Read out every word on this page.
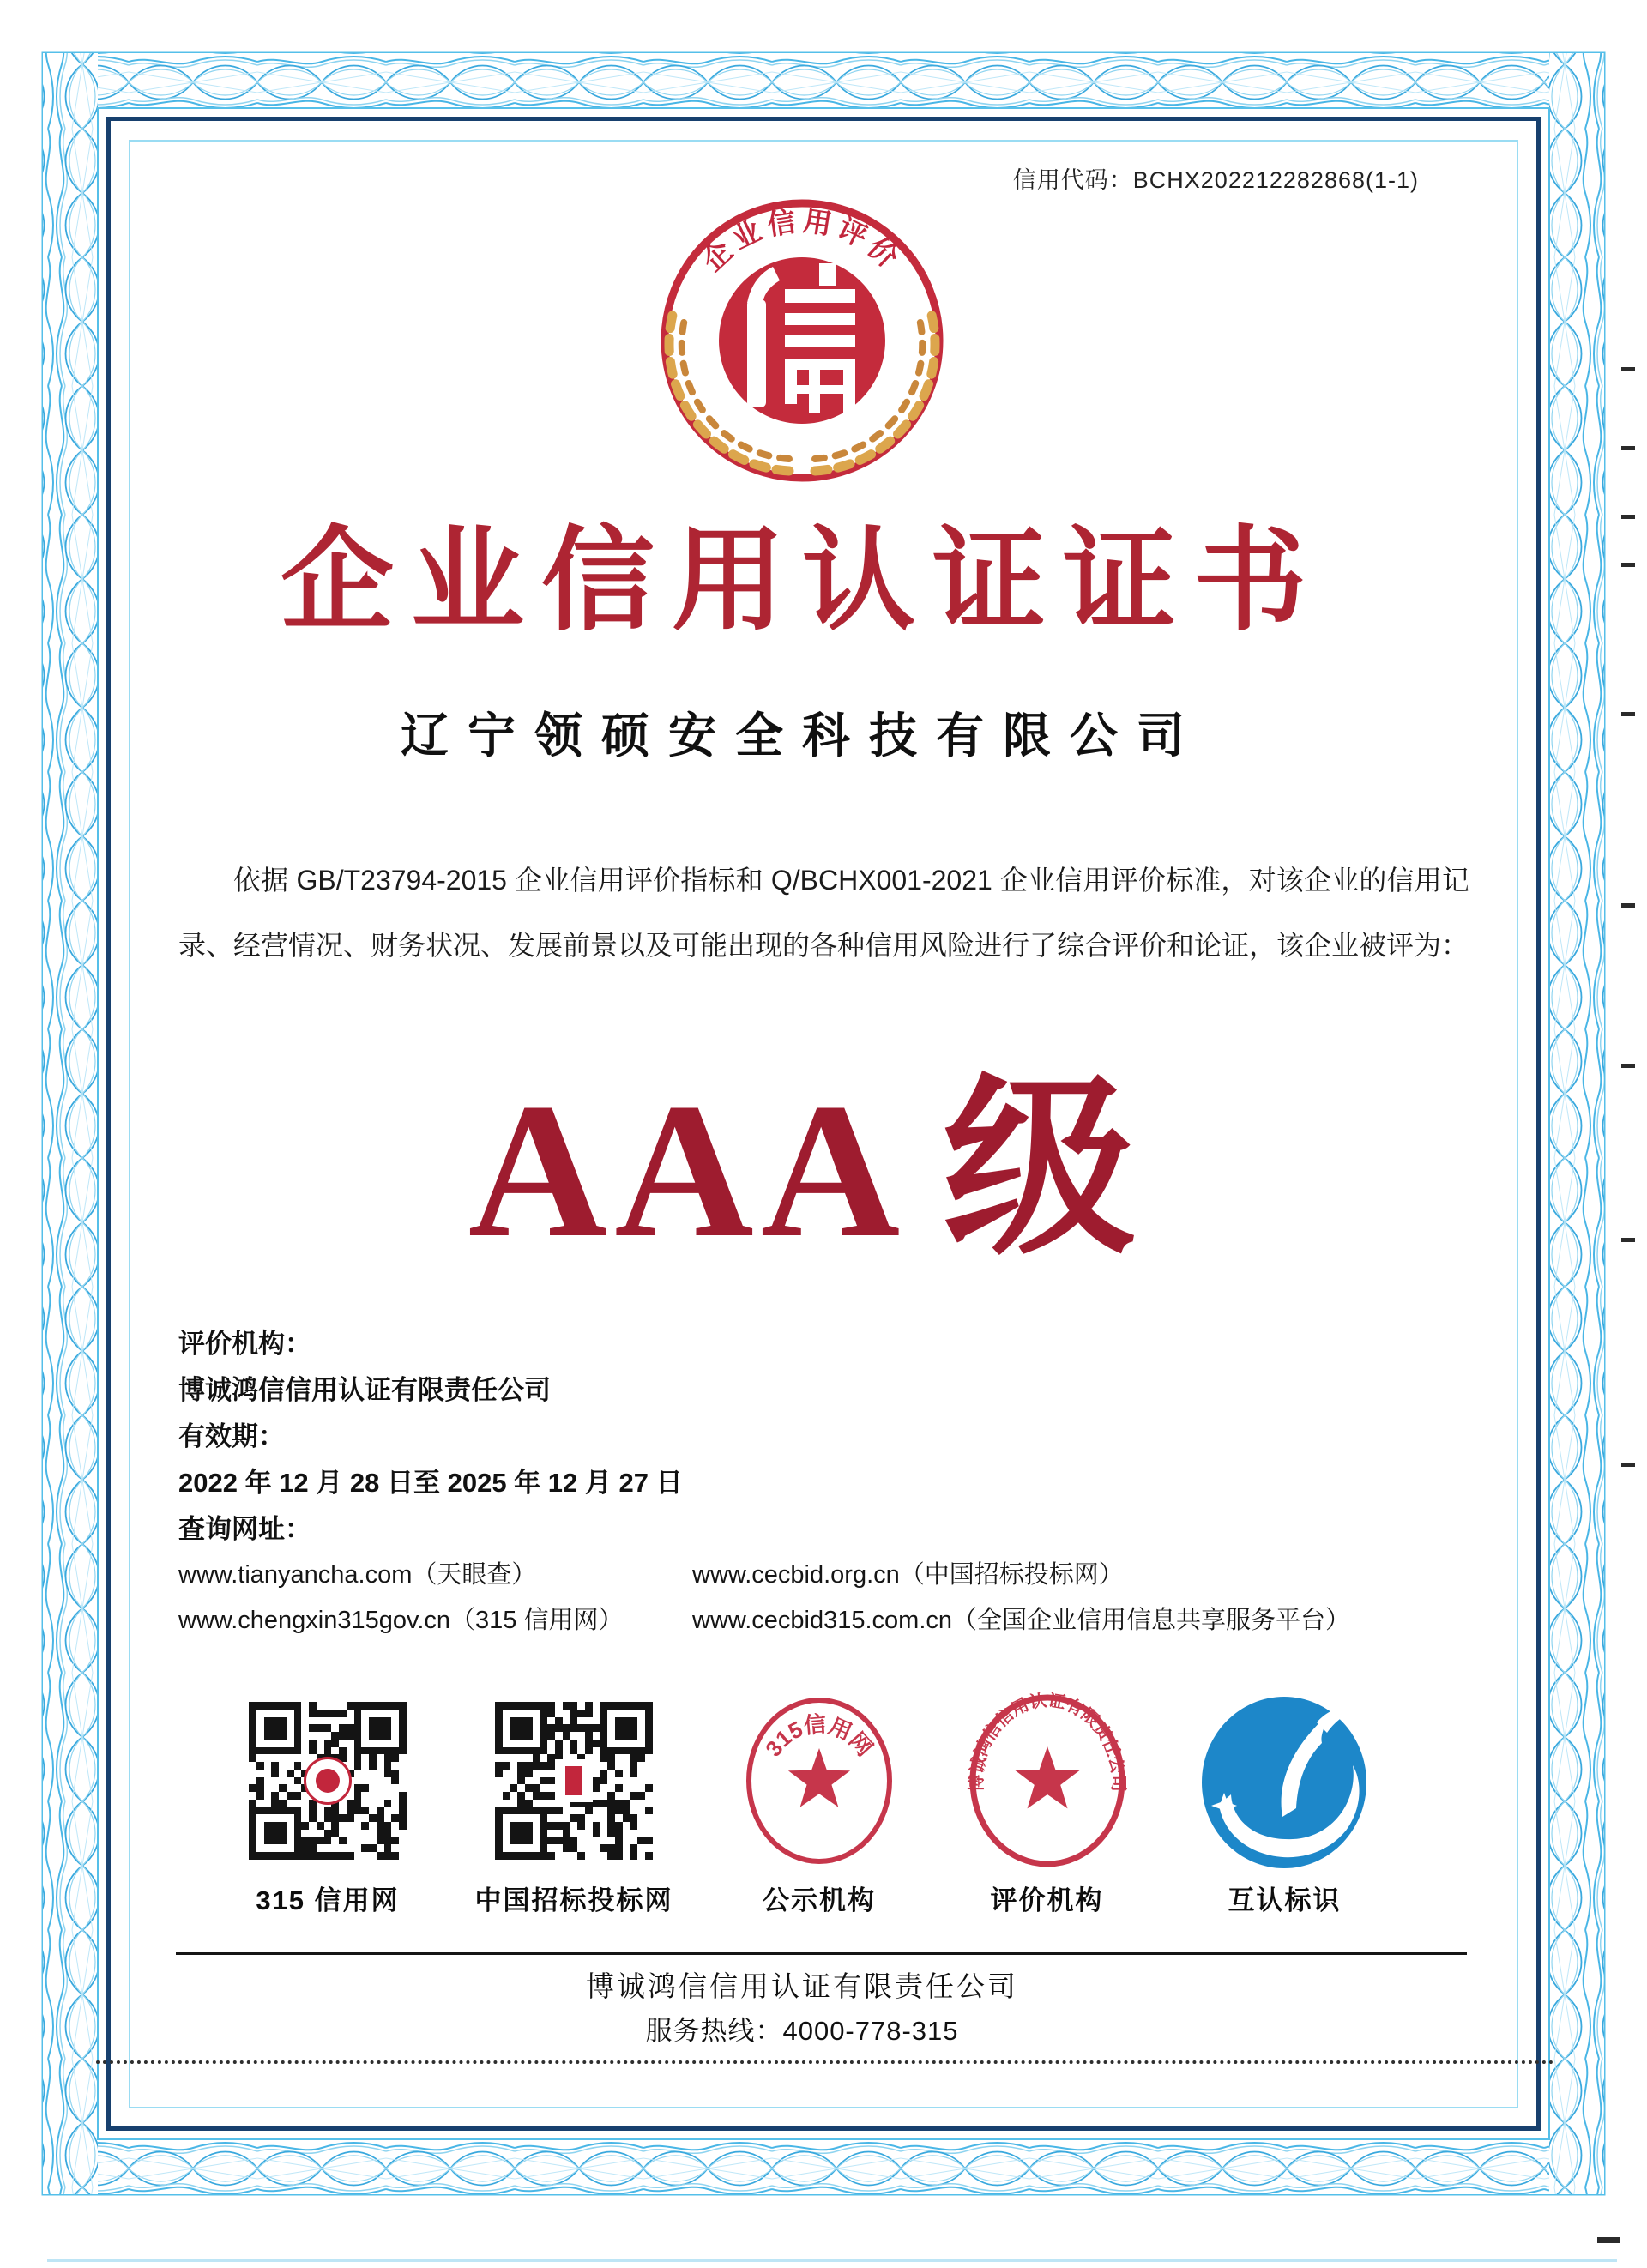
信用代码：BCHX202212282868(1-1)
企业信用评价
企业信用认证证书
辽宁领硕安全科技有限公司
依据 GB/T23794-2015 企业信用评价指标和 Q/BCHX001-2021 企业信用评价标准，对该企业的信用记录、经营情况、财务状况、发展前景以及可能出现的各种信用风险进行了综合评价和论证，该企业被评为：
AAA 级
评价机构：
博诚鸿信信用认证有限责任公司
有效期：
2022 年 12 月 28 日至 2025 年 12 月 27 日
查询网址：
www.tianyancha.com（天眼查）	www.cecbid.org.cn（中国招标投标网）
www.chengxin315gov.cn（315 信用网）	www.cecbid315.com.cn（全国企业信用信息共享服务平台）
315 信用网	中国招标投标网
315信用网
公示机构
博诚鸿信信用认证有限责任公司
评价机构	互认标识
博诚鸿信信用认证有限责任公司
服务热线：4000-778-315
